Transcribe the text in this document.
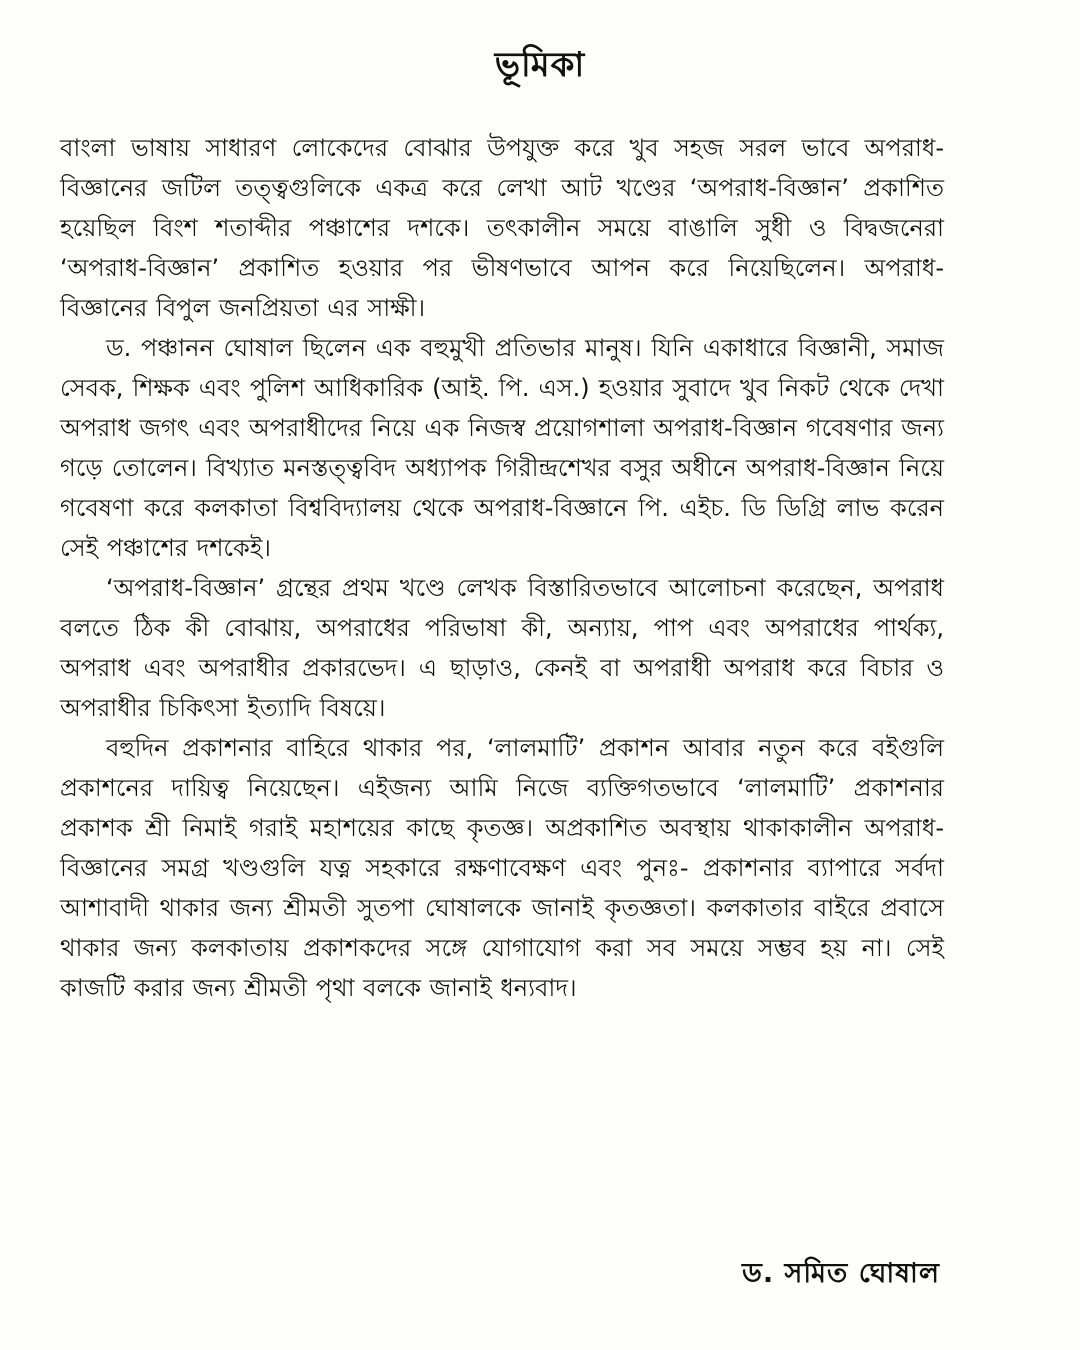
ভূমিকা

বাংলা ভাষায় সাধারণ লোকেদের বোঝার উপযুক্ত করে খুব সহজ সরল ভাবে অপরাধ-বিজ্ঞানের জটিল তত্ত্বগুলিকে একত্র করে লেখা আট খণ্ডের ‘অপরাধ-বিজ্ঞান’ প্রকাশিত হয়েছিল বিংশ শতাব্দীর পঞ্চাশের দশকে। তৎকালীন সময়ে বাঙালি সুধী ও বিদ্বজনেরা ‘অপরাধ-বিজ্ঞান’ প্রকাশিত হওয়ার পর ভীষণভাবে আপন করে নিয়েছিলেন। অপরাধ-বিজ্ঞানের বিপুল জনপ্রিয়তা এর সাক্ষী।

ড. পঞ্চানন ঘোষাল ছিলেন এক বহুমুখী প্রতিভার মানুষ। যিনি একাধারে বিজ্ঞানী, সমাজ সেবক, শিক্ষক এবং পুলিশ আধিকারিক (আই. পি. এস.) হওয়ার সুবাদে খুব নিকট থেকে দেখা অপরাধ জগৎ এবং অপরাধীদের নিয়ে এক নিজস্ব প্রয়োগশালা অপরাধ-বিজ্ঞান গবেষণার জন্য গড়ে তোলেন। বিখ্যাত মনস্তত্ত্ববিদ অধ্যাপক গিরীন্দ্রশেখর বসুর অধীনে অপরাধ-বিজ্ঞান নিয়ে গবেষণা করে কলকাতা বিশ্ববিদ্যালয় থেকে অপরাধ-বিজ্ঞানে পি. এইচ. ডি ডিগ্রি লাভ করেন সেই পঞ্চাশের দশকেই।

‘অপরাধ-বিজ্ঞান’ গ্রন্থের প্রথম খণ্ডে লেখক বিস্তারিতভাবে আলোচনা করেছেন, অপরাধ বলতে ঠিক কী বোঝায়, অপরাধের পরিভাষা কী, অন্যায়, পাপ এবং অপরাধের পার্থক্য, অপরাধ এবং অপরাধীর প্রকারভেদ। এ ছাড়াও, কেনই বা অপরাধী অপরাধ করে বিচার ও অপরাধীর চিকিৎসা ইত্যাদি বিষয়ে।

বহুদিন প্রকাশনার বাহিরে থাকার পর, ‘লালমাটি’ প্রকাশন আবার নতুন করে বইগুলি প্রকাশনের দায়িত্ব নিয়েছেন। এইজন্য আমি নিজে ব্যক্তিগতভাবে ‘লালমাটি’ প্রকাশনার প্রকাশক শ্রী নিমাই গরাই মহাশয়ের কাছে কৃতজ্ঞ। অপ্রকাশিত অবস্থায় থাকাকালীন অপরাধ-বিজ্ঞানের সমগ্র খণ্ডগুলি যত্ন সহকারে রক্ষণাবেক্ষণ এবং পুনঃ- প্রকাশনার ব্যাপারে সর্বদা আশাবাদী থাকার জন্য শ্রীমতী সুতপা ঘোষালকে জানাই কৃতজ্ঞতা। কলকাতার বাইরে প্রবাসে থাকার জন্য কলকাতায় প্রকাশকদের সঙ্গে যোগাযোগ করা সব সময়ে সম্ভব হয় না। সেই কাজটি করার জন্য শ্রীমতী পৃথা বলকে জানাই ধন্যবাদ।

ড. সমিত ঘোষাল
